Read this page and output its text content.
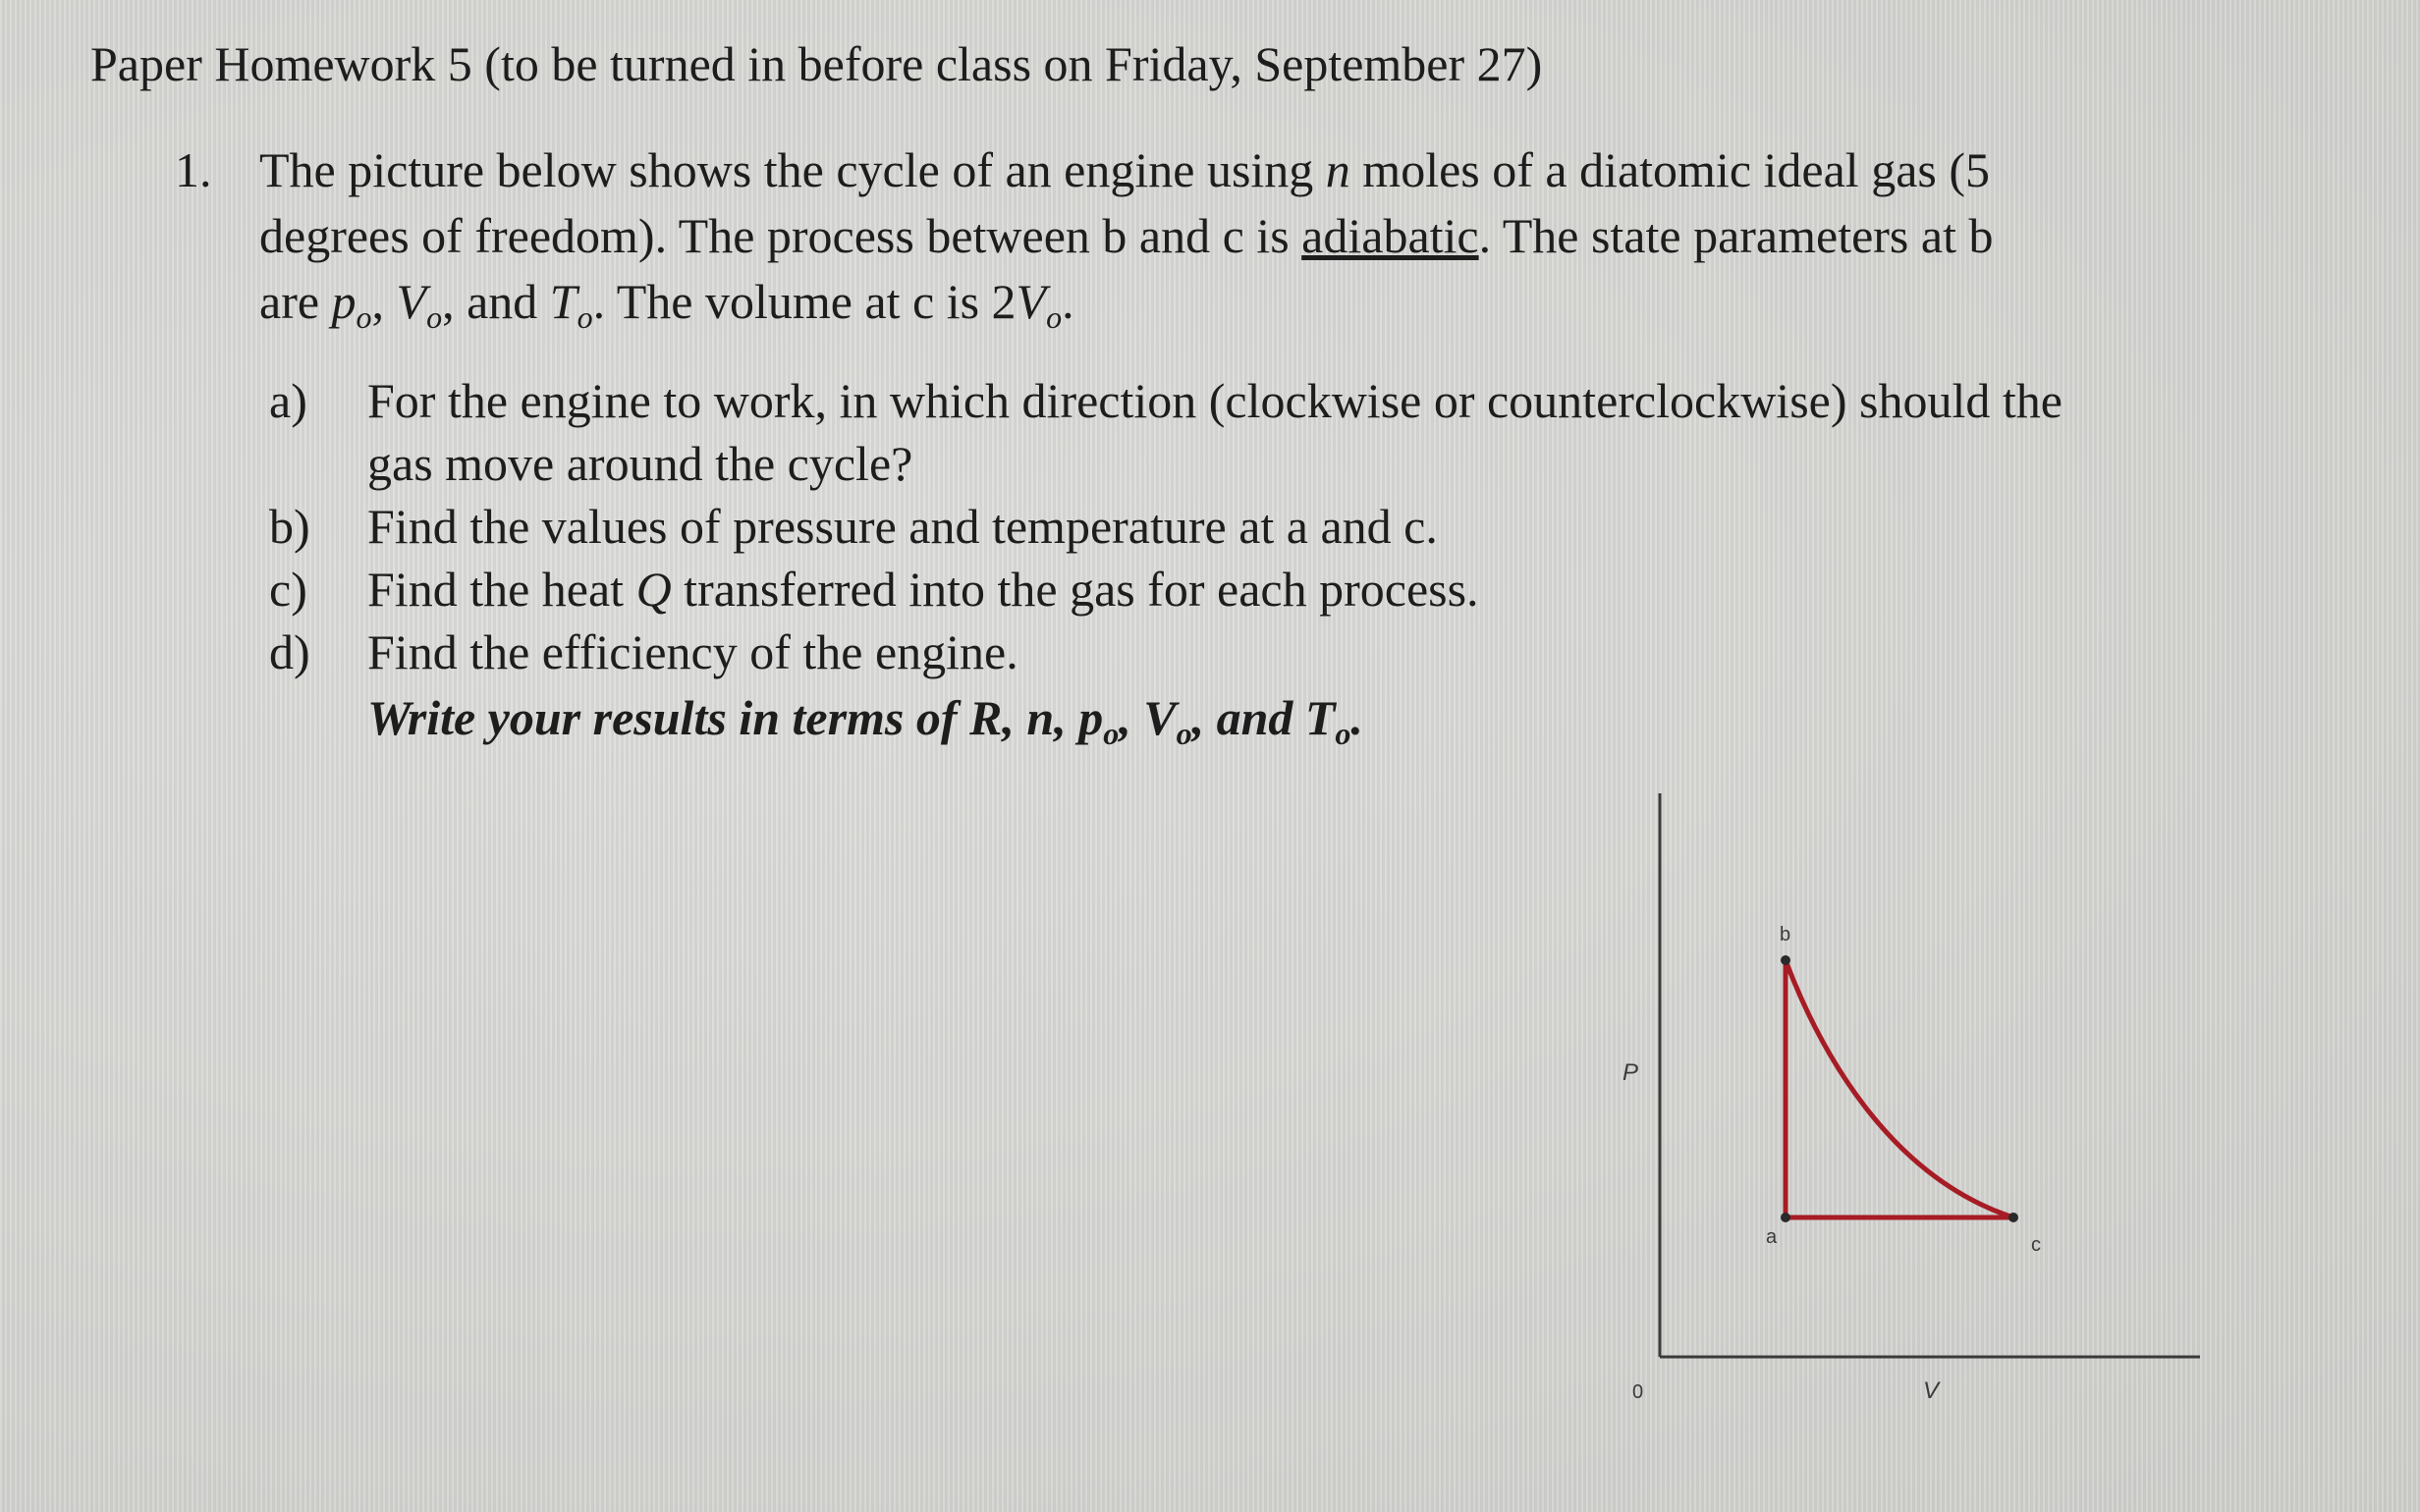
Paper Homework 5 (to be turned in before class on Friday, September 27)
1. The picture below shows the cycle of an engine using n moles of a diatomic ideal gas (5
degrees of freedom). The process between b and c is adiabatic. The state parameters at b
are $p_o$, $V_o$, and $T_o$. The volume at c is $2V_o$.
a) For the engine to work, in which direction (clockwise or counterclockwise) should the
gas move around the cycle?
b) Find the values of pressure and temperature at a and c.
c) Find the heat Q transferred into the gas for each process.
d) Find the efficiency of the engine.
Write your results in terms of R, n, $p_o$, $V_o$, and $T_o$.
b
a	c
P
V
0
